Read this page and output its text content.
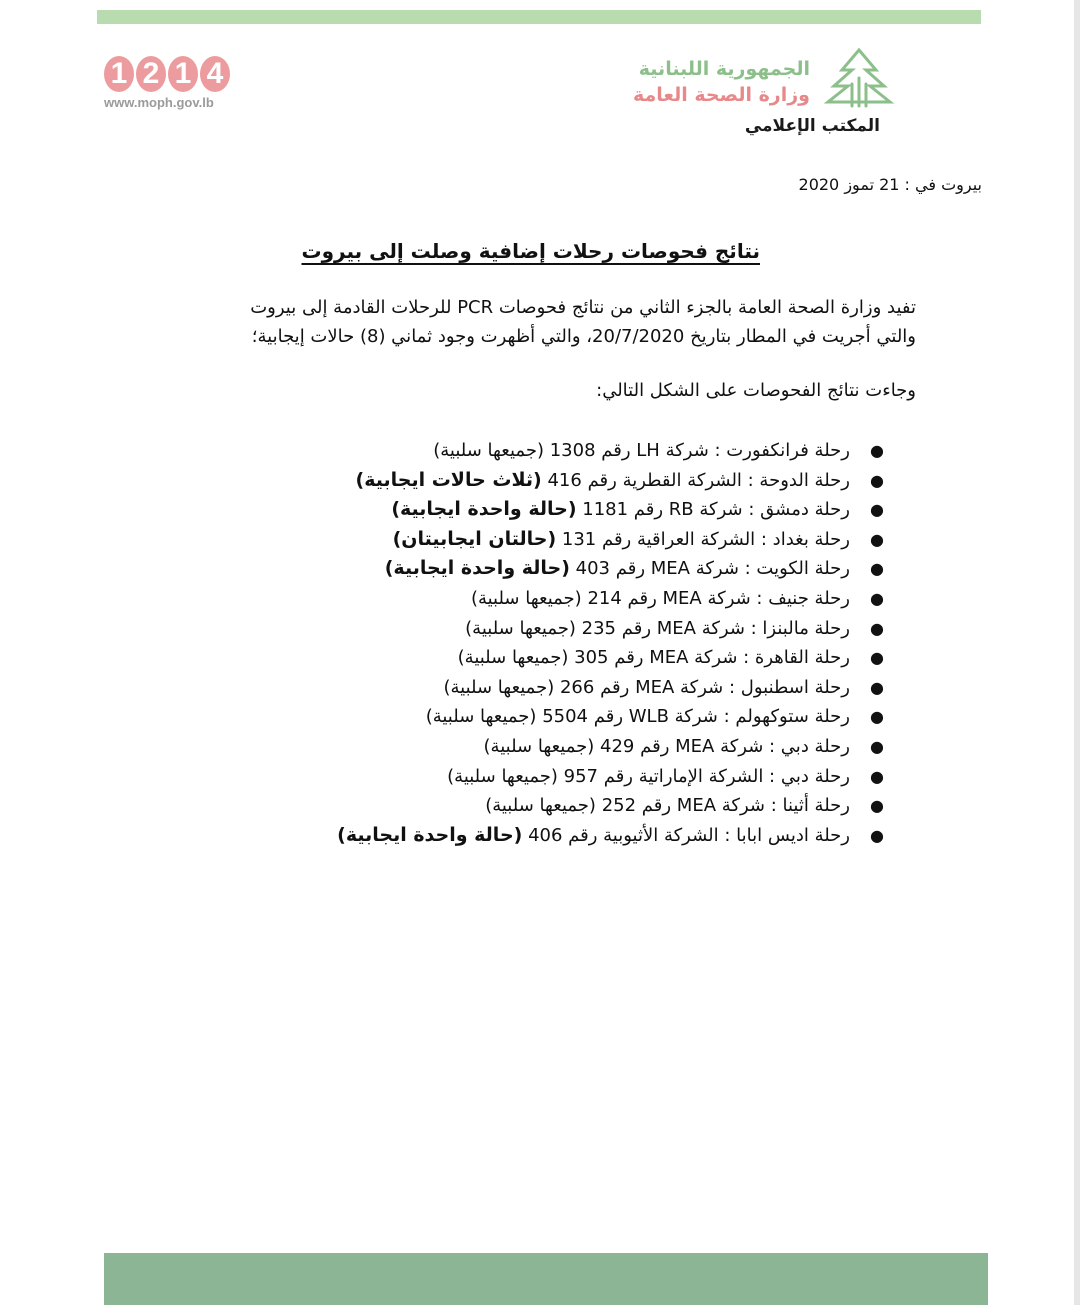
1 2 1 4
www.moph.gov.lb
الجمهورية اللبنانية
وزارة الصحة العامة
المكتب الإعلامي
بيروت في : 21 تموز 2020
نتائج فحوصات رحلات إضافية وصلت إلى بيروت
تفيد وزارة الصحة العامة بالجزء الثاني من نتائج فحوصات PCR للرحلات القادمة إلى بيروت
والتي أجريت في المطار بتاريخ 20/7/2020، والتي أظهرت وجود ثماني (8) حالات إيجابية؛
وجاءت نتائج الفحوصات على الشكل التالي:
●
رحلة فرانكفورت : شركة LH رقم 1308 (جميعها سلبية)
●
رحلة الدوحة : الشركة القطرية رقم 416 (ثلاث حالات ايجابية)
●
رحلة دمشق : شركة RB رقم 1181 (حالة واحدة ايجابية)
●
رحلة بغداد : الشركة العراقية رقم 131 (حالتان ايجابيتان)
●
رحلة الكويت : شركة MEA رقم 403 (حالة واحدة ايجابية)
●
رحلة جنيف : شركة MEA رقم 214 (جميعها سلبية)
●
رحلة مالبنزا : شركة MEA رقم 235 (جميعها سلبية)
●
رحلة القاهرة : شركة MEA رقم 305 (جميعها سلبية)
●
رحلة اسطنبول : شركة MEA رقم 266 (جميعها سلبية)
●
رحلة ستوكهولم : شركة WLB رقم 5504 (جميعها سلبية)
●
رحلة دبي : شركة MEA رقم 429 (جميعها سلبية)
●
رحلة دبي : الشركة الإماراتية رقم 957 (جميعها سلبية)
●
رحلة أثينا : شركة MEA رقم 252 (جميعها سلبية)
●
رحلة اديس ابابا : الشركة الأثيوبية رقم 406 (حالة واحدة ايجابية)
